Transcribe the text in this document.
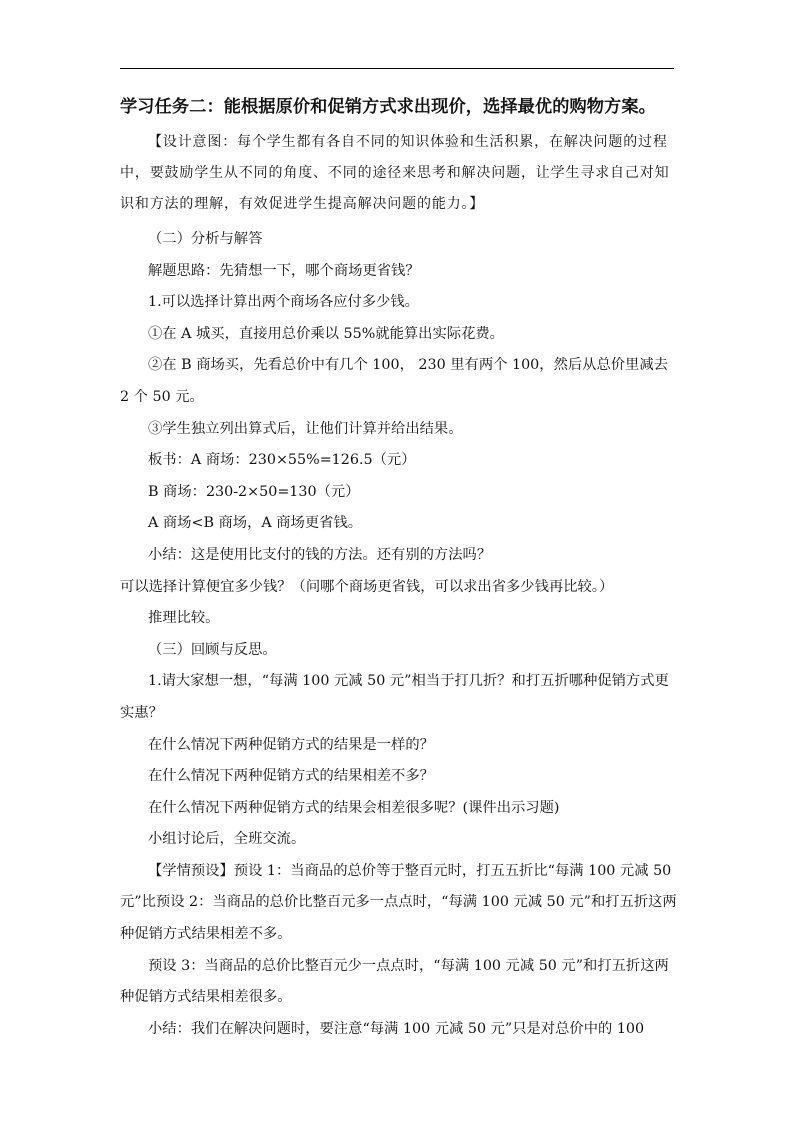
学习任务二：能根据原价和促销方式求出现价，选择最优的购物方案。
【设计意图：每个学生都有各自不同的知识体验和生活积累，在解决问题的过程中，要鼓励学生从不同的角度、不同的途径来思考和解决问题，让学生寻求自己对知识和方法的理解，有效促进学生提高解决问题的能力。】
（二）分析与解答
解题思路：先猜想一下，哪个商场更省钱？
1.可以选择计算出两个商场各应付多少钱。
①在 A 城买，直接用总价乘以 55%就能算出实际花费。
②在 B 商场买，先看总价中有几个 100， 230 里有两个 100，然后从总价里减去 2 个 50 元。
③学生独立列出算式后，让他们计算并给出结果。
板书：A 商场：230×55%=126.5（元）
B 商场：230-2×50=130（元）
A 商场<B 商场，A 商场更省钱。
小结：这是使用比支付的钱的方法。还有别的方法吗？
可以选择计算便宜多少钱？（问哪个商场更省钱，可以求出省多少钱再比较。）
推理比较。
（三）回顾与反思。
1.请大家想一想，“每满 100 元减 50 元”相当于打几折？和打五折哪种促销方式更实惠？
在什么情况下两种促销方式的结果是一样的？
在什么情况下两种促销方式的结果相差不多？
在什么情况下两种促销方式的结果会相差很多呢？(课件出示习题)
小组讨论后，全班交流。
【学情预设】预设 1：当商品的总价等于整百元时，打五五折比“每满 100 元减 50 元”比预设 2：当商品的总价比整百元多一点点时，“每满 100 元减 50 元”和打五折这两种促销方式结果相差不多。
预设 3：当商品的总价比整百元少一点点时，“每满 100 元减 50 元”和打五折这两种促销方式结果相差很多。
小结：我们在解决问题时，要注意“每满 100 元减 50 元”只是对总价中的 100
